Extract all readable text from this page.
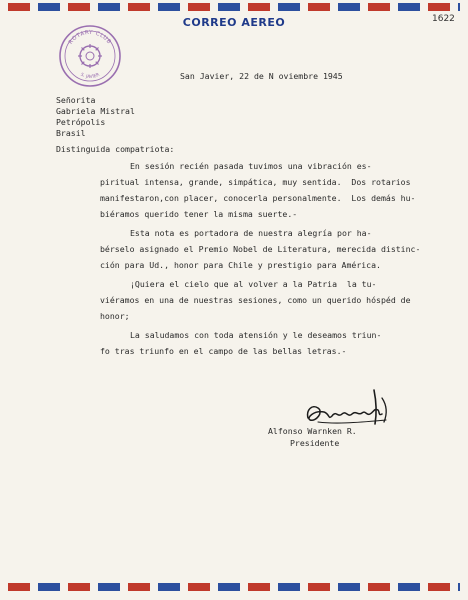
CORREO AEREO	1622
ROTARY CLUB
S. JAVIER	San Javier, 22 de N oviembre 1945
Señorita
Gabriela Mistral
Petrópolis
Brasil
Distinguida compatriota:
En sesión recién pasada tuvimos una vibración es-
piritual intensa, grande, simpática, muy sentida.  Dos rotarios
manifestaron,con placer, conocerla personalmente.  Los demás hu-
biéramos querido tener la misma suerte.-
Esta nota es portadora de nuestra alegría por ha-
bérselo asignado el Premio Nobel de Literatura, merecida distinc-
ción para Ud., honor para Chile y prestigio para América.
¡Quiera el cielo que al volver a la Patria  la tu-
viéramos en una de nuestras sesiones, como un querido hóspéd de
honor;
La saludamos con toda atensión y le deseamos triun-
fo tras triunfo en el campo de las bellas letras.-
Alfonso Warnken R.
Presidente
